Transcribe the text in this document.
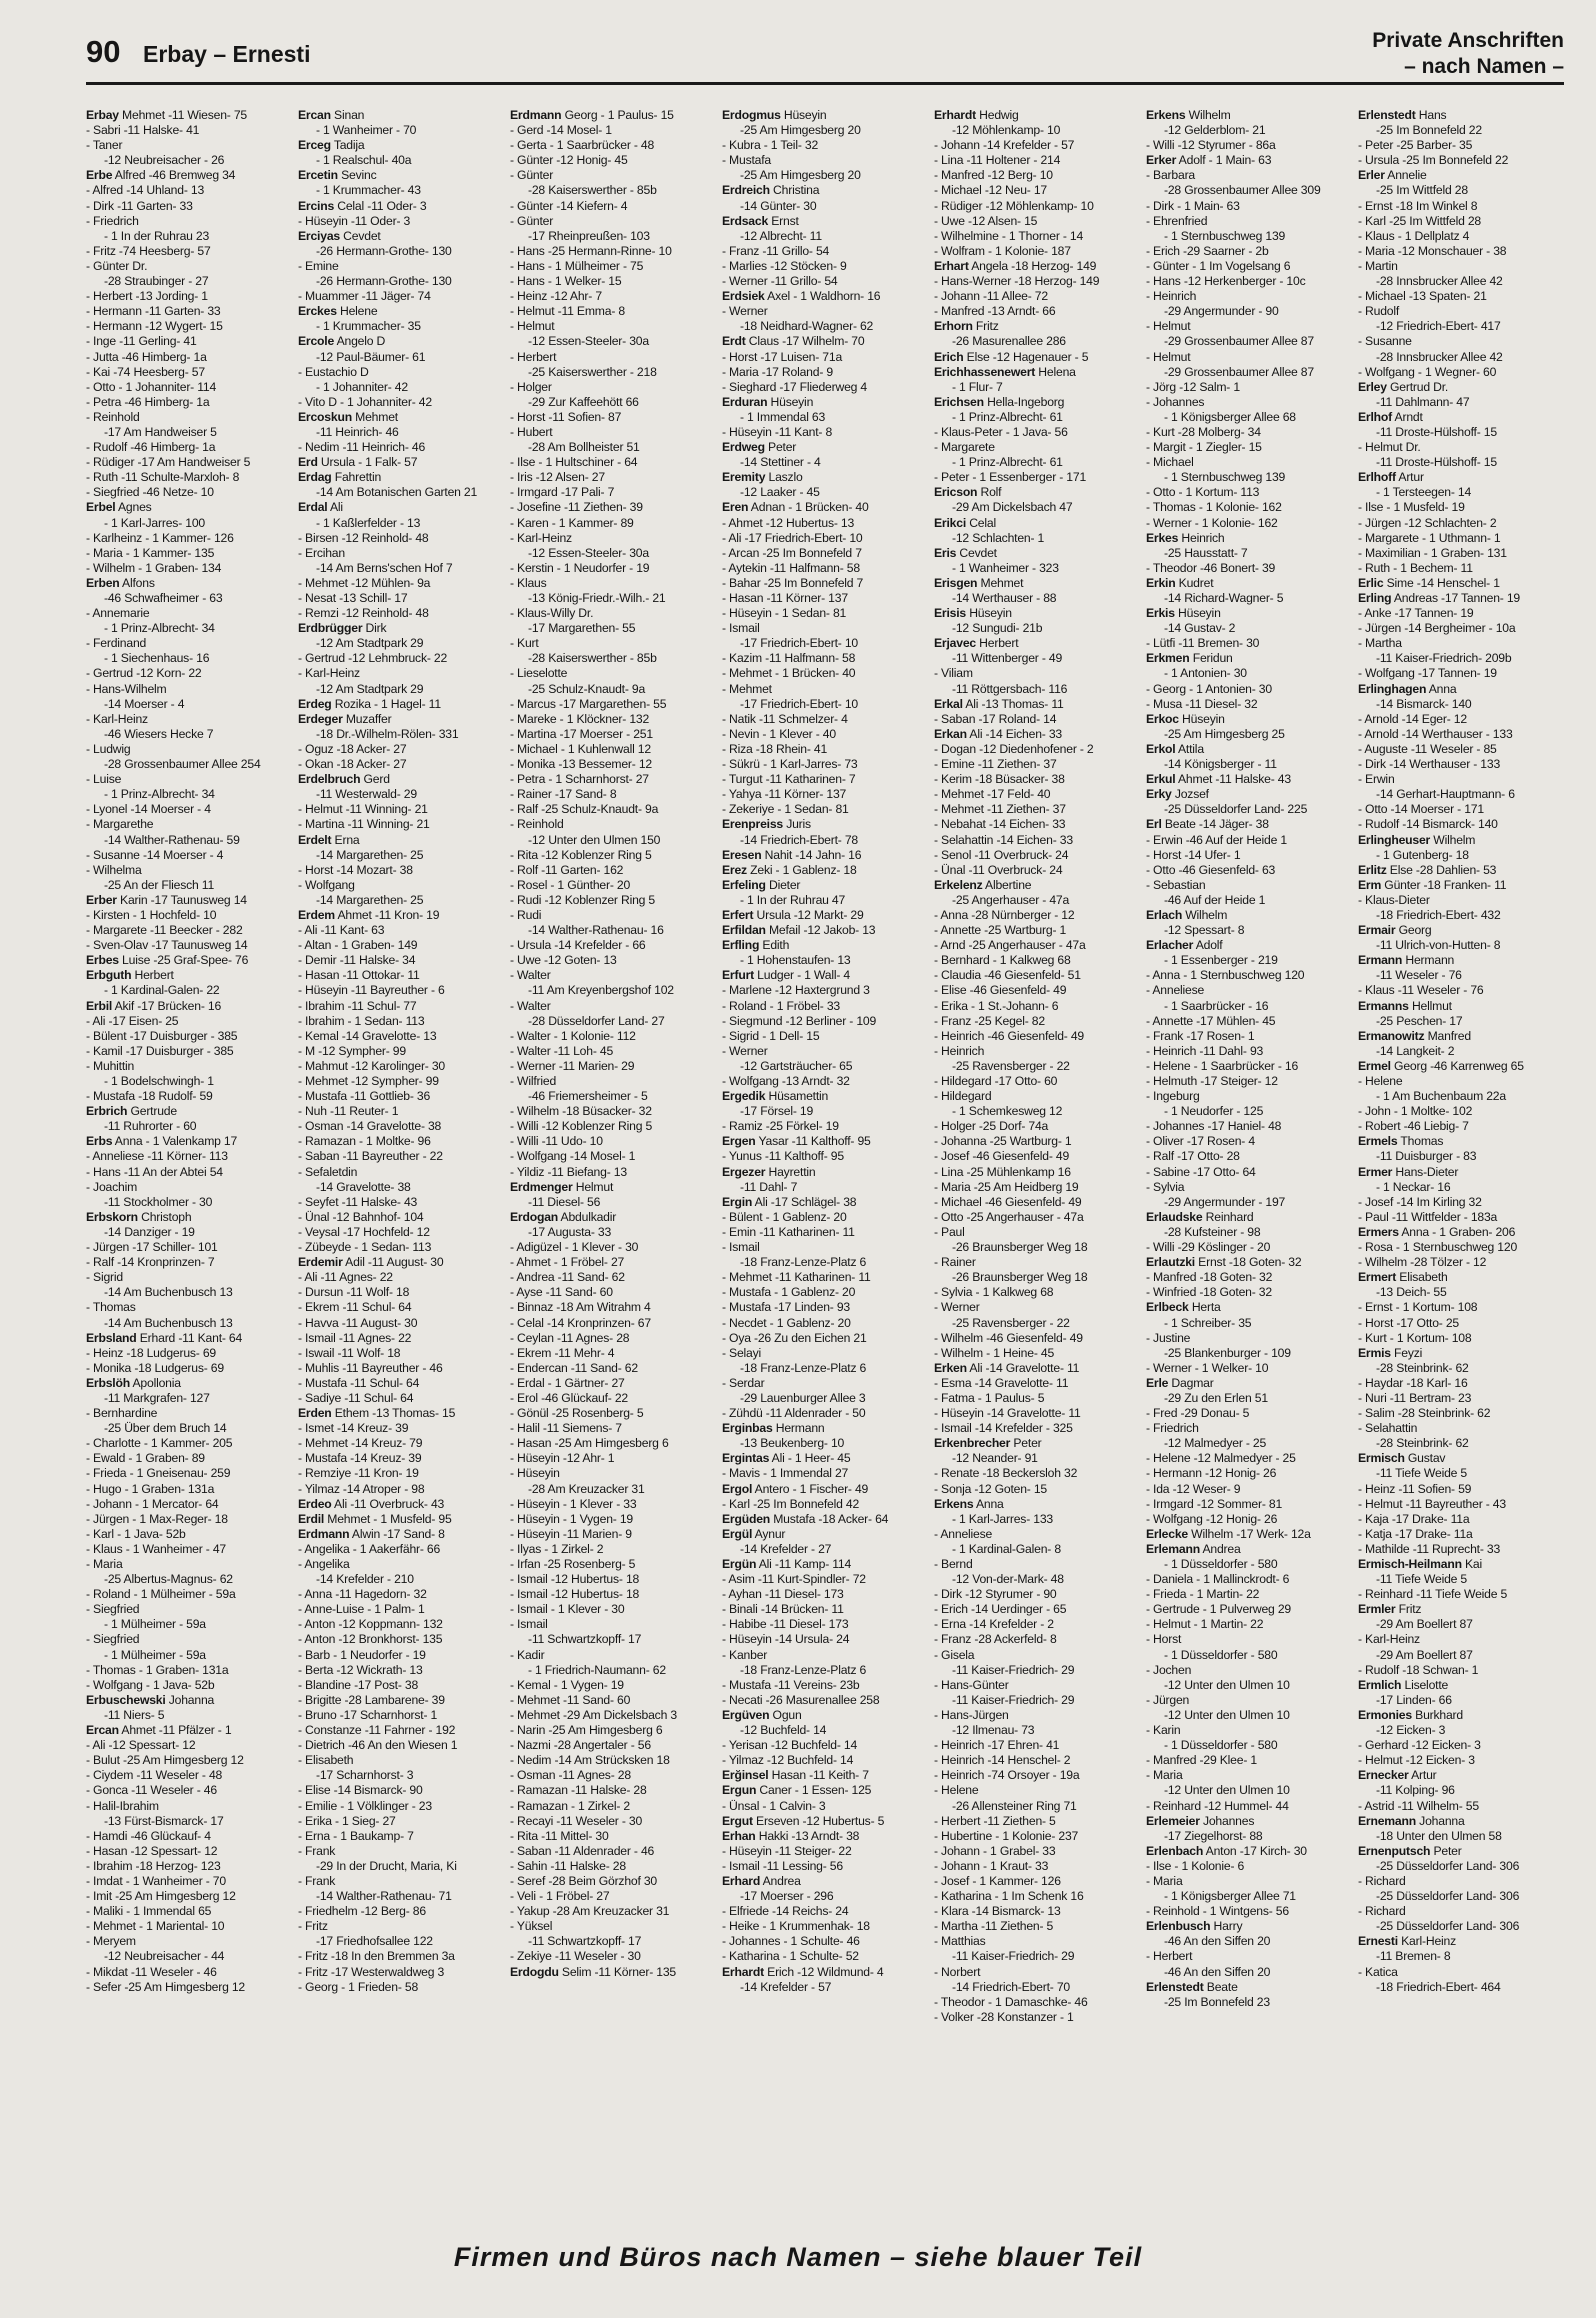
90 Erbay – Ernesti
Private Anschriften
– nach Namen –
Erbay Mehmet -11 Wiesen- 75
- Sabri -11 Halske- 41
- Taner
-12 Neubreisacher - 26
Erbe Alfred -46 Bremweg 34
- Alfred -14 Uhland- 13
- Dirk -11 Garten- 33
- Friedrich
- 1 In der Ruhrau 23
- Fritz -74 Heesberg- 57
- Günter Dr.
-28 Straubinger - 27
- Herbert -13 Jording- 1
- Hermann -11 Garten- 33
- Hermann -12 Wygert- 15
- Inge -11 Gerling- 41
- Jutta -46 Himberg- 1a
- Kai -74 Heesberg- 57
- Otto - 1 Johanniter- 114
- Petra -46 Himberg- 1a
- Reinhold
-17 Am Handweiser 5
- Rudolf -46 Himberg- 1a
- Rüdiger -17 Am Handweiser 5
- Ruth -11 Schulte-Marxloh- 8
- Siegfried -46 Netze- 10
Erbel Agnes
- 1 Karl-Jarres- 100
- Karlheinz - 1 Kammer- 126
- Maria - 1 Kammer- 135
- Wilhelm - 1 Graben- 134
Erben Alfons
-46 Schwafheimer - 63
- Annemarie
- 1 Prinz-Albrecht- 34
- Ferdinand
- 1 Siechenhaus- 16
- Gertrud -12 Korn- 22
- Hans-Wilhelm
-14 Moerser - 4
- Karl-Heinz
-46 Wiesers Hecke 7
- Ludwig
-28 Grossenbaumer Allee 254
- Luise
- 1 Prinz-Albrecht- 34
- Lyonel -14 Moerser - 4
- Margarethe
-14 Walther-Rathenau- 59
- Susanne -14 Moerser - 4
- Wilhelma
-25 An der Fliesch 11
Erber Karin -17 Taunusweg 14
- Kirsten - 1 Hochfeld- 10
- Margarete -11 Beecker - 282
- Sven-Olav -17 Taunusweg 14
Erbes Luise -25 Graf-Spee- 76
Erbguth Herbert
- 1 Kardinal-Galen- 22
Erbil Akif -17 Brücken- 16
- Ali -17 Eisen- 25
- Bülent -17 Duisburger - 385
- Kamil -17 Duisburger - 385
- Muhittin
- 1 Bodelschwingh- 1
- Mustafa -18 Rudolf- 59
Erbrich Gertrude
-11 Ruhrorter - 60
Erbs Anna - 1 Valenkamp 17
- Anneliese -11 Körner- 113
- Hans -11 An der Abtei 54
- Joachim
-11 Stockholmer - 30
Erbskorn Christoph
-14 Danziger - 19
- Jürgen -17 Schiller- 101
- Ralf -14 Kronprinzen- 7
- Sigrid
-14 Am Buchenbusch 13
- Thomas
-14 Am Buchenbusch 13
Erbsland Erhard -11 Kant- 64
- Heinz -18 Ludgerus- 69
- Monika -18 Ludgerus- 69
Erbslöh Apollonia
-11 Markgrafen- 127
- Bernhardine
-25 Über dem Bruch 14
- Charlotte - 1 Kammer- 205
- Ewald - 1 Graben- 89
- Frieda - 1 Gneisenau- 259
- Hugo - 1 Graben- 131a
- Johann - 1 Mercator- 64
- Jürgen - 1 Max-Reger- 18
- Karl - 1 Java- 52b
- Klaus - 1 Wanheimer - 47
- Maria
-25 Albertus-Magnus- 62
- Roland - 1 Mülheimer - 59a
- Siegfried
- 1 Mülheimer - 59a
- Siegfried
- 1 Mülheimer - 59a
- Thomas - 1 Graben- 131a
- Wolfgang - 1 Java- 52b
Erbuschewski Johanna
-11 Niers- 5
Ercan Ahmet -11 Pfälzer - 1
- Ali -12 Spessart- 12
- Bulut -25 Am Himgesberg 12
- Ciydem -11 Weseler - 48
- Gonca -11 Weseler - 46
- Halil-Ibrahim
-13 Fürst-Bismarck- 17
- Hamdi -46 Glückauf- 4
- Hasan -12 Spessart- 12
- Ibrahim -18 Herzog- 123
- Imdat - 1 Wanheimer - 70
- Imit -25 Am Himgesberg 12
- Maliki - 1 Immendal 65
- Mehmet - 1 Mariental- 10
- Meryem
-12 Neubreisacher - 44
- Mikdat -11 Weseler - 46
- Sefer -25 Am Himgesberg 12
Ercan Sinan
- 1 Wanheimer - 70
Erceg Tadija
- 1 Realschul- 40a
Ercetin Sevinc
- 1 Krummacher- 43
Ercins Celal -11 Oder- 3
- Hüseyin -11 Oder- 3
Erciyas Cevdet
-26 Hermann-Grothe- 130
- Emine
-26 Hermann-Grothe- 130
- Muammer -11 Jäger- 74
Erckes Helene
- 1 Krummacher- 35
Ercole Angelo D
-12 Paul-Bäumer- 61
- Eustachio D
- 1 Johanniter- 42
- Vito D - 1 Johanniter- 42
Ercoskun Mehmet
-11 Heinrich- 46
- Nedim -11 Heinrich- 46
Erd Ursula - 1 Falk- 57
Erdag Fahrettin
-14 Am Botanischen Garten 21
Erdal Ali
- 1 Kaßlerfelder - 13
- Birsen -12 Reinhold- 48
- Ercihan
-14 Am Berns'schen Hof 7
- Mehmet -12 Mühlen- 9a
- Nesat -13 Schill- 17
- Remzi -12 Reinhold- 48
Erdbrügger Dirk
-12 Am Stadtpark 29
- Gertrud -12 Lehmbruck- 22
- Karl-Heinz
-12 Am Stadtpark 29
Erdeg Rozika - 1 Hagel- 11
Erdeger Muzaffer
-18 Dr.-Wilhelm-Rölen- 331
- Oguz -18 Acker- 27
- Okan -18 Acker- 27
Erdelbruch Gerd
-11 Westerwald- 29
- Helmut -11 Winning- 21
- Martina -11 Winning- 21
Erdelt Erna
-14 Margarethen- 25
- Horst -14 Mozart- 38
- Wolfgang
-14 Margarethen- 25
Erdem Ahmet -11 Kron- 19
- Ali -11 Kant- 63
- Altan - 1 Graben- 149
- Demir -11 Halske- 34
- Hasan -11 Ottokar- 11
- Hüseyin -11 Bayreuther - 6
- Ibrahim -11 Schul- 77
- Ibrahim - 1 Sedan- 113
- Kemal -14 Gravelotte- 13
- M -12 Sympher- 99
- Mahmut -12 Karolinger- 30
- Mehmet -12 Sympher- 99
- Mustafa -11 Gottlieb- 36
- Nuh -11 Reuter- 1
- Osman -14 Gravelotte- 38
- Ramazan - 1 Moltke- 96
- Saban -11 Bayreuther - 22
- Sefaletdin
-14 Gravelotte- 38
- Seyfet -11 Halske- 43
- Ünal -12 Bahnhof- 104
- Veysal -17 Hochfeld- 12
- Zübeyde - 1 Sedan- 113
Erdemir Adil -11 August- 30
- Ali -11 Agnes- 22
- Dursun -11 Wolf- 18
- Ekrem -11 Schul- 64
- Havva -11 August- 30
- Ismail -11 Agnes- 22
- Iswail -11 Wolf- 18
- Muhlis -11 Bayreuther - 46
- Mustafa -11 Schul- 64
- Sadiye -11 Schul- 64
Erden Ethem -13 Thomas- 15
- Ismet -14 Kreuz- 39
- Mehmet -14 Kreuz- 79
- Mustafa -14 Kreuz- 39
- Remziye -11 Kron- 19
- Yilmaz -14 Atroper - 98
Erdeo Ali -11 Overbruck- 43
Erdil Mehmet - 1 Musfeld- 95
Erdmann Alwin -17 Sand- 8
- Angelika - 1 Aakerfähr- 66
- Angelika
-14 Krefelder - 210
- Anna -11 Hagedorn- 32
- Anne-Luise - 1 Palm- 1
- Anton -12 Koppmann- 132
- Anton -12 Bronkhorst- 135
- Barb - 1 Neudorfer - 19
- Berta -12 Wickrath- 13
- Blandine -17 Post- 38
- Brigitte -28 Lambarene- 39
- Bruno -17 Scharnhorst- 1
- Constanze -11 Fahrner - 192
- Dietrich -46 An den Wiesen 1
- Elisabeth
-17 Scharnhorst- 3
- Elise -14 Bismarck- 90
- Emilie - 1 Völklinger - 23
- Erika - 1 Sieg- 27
- Erna - 1 Baukamp- 7
- Frank
-29 In der Drucht, Maria, Ki
- Frank
-14 Walther-Rathenau- 71
- Friedhelm -12 Berg- 86
- Fritz
-17 Friedhofsallee 122
- Fritz -18 In den Bremmen 3a
- Fritz -17 Westerwaldweg 3
- Georg - 1 Frieden- 58
Erdmann Georg - 1 Paulus- 15
- Gerd -14 Mosel- 1
- Gerta - 1 Saarbrücker - 48
- Günter -12 Honig- 45
- Günter
-28 Kaiserswerther - 85b
- Günter -14 Kiefern- 4
- Günter
-17 Rheinpreußen- 103
- Hans -25 Hermann-Rinne- 10
- Hans - 1 Mülheimer - 75
- Hans - 1 Welker- 15
- Heinz -12 Ahr- 7
- Helmut -11 Emma- 8
- Helmut
-12 Essen-Steeler- 30a
- Herbert
-25 Kaiserswerther - 218
- Holger
-29 Zur Kaffeehött 66
- Horst -11 Sofien- 87
- Hubert
-28 Am Bollheister 51
- Ilse - 1 Hultschiner - 64
- Iris -12 Alsen- 27
- Irmgard -17 Pali- 7
- Josefine -11 Ziethen- 39
- Karen - 1 Kammer- 89
- Karl-Heinz
-12 Essen-Steeler- 30a
- Kerstin - 1 Neudorfer - 19
- Klaus
-13 König-Friedr.-Wilh.- 21
- Klaus-Willy Dr.
-17 Margarethen- 55
- Kurt
-28 Kaiserswerther - 85b
- Lieselotte
-25 Schulz-Knaudt- 9a
- Marcus -17 Margarethen- 55
- Mareke - 1 Klöckner- 132
- Martina -17 Moerser - 251
- Michael - 1 Kuhlenwall 12
- Monika -13 Bessemer- 12
- Petra - 1 Scharnhorst- 27
- Rainer -17 Sand- 8
- Ralf -25 Schulz-Knaudt- 9a
- Reinhold
-12 Unter den Ulmen 150
- Rita -12 Koblenzer Ring 5
- Rolf -11 Garten- 162
- Rosel - 1 Günther- 20
- Rudi -12 Koblenzer Ring 5
- Rudi
-14 Walther-Rathenau- 16
- Ursula -14 Krefelder - 66
- Uwe -12 Goten- 13
- Walter
-11 Am Kreyenbergshof 102
- Walter
-28 Düsseldorfer Land- 27
- Walter - 1 Kolonie- 112
- Walter -11 Loh- 45
- Werner -11 Marien- 29
- Wilfried
-46 Friemersheimer - 5
- Wilhelm -18 Büsacker- 32
- Willi -12 Koblenzer Ring 5
- Willi -11 Udo- 10
- Wolfgang -14 Mosel- 1
- Yildiz -11 Biefang- 13
Erdmenger Helmut
-11 Diesel- 56
Erdogan Abdulkadir
-17 Augusta- 33
- Adigüzel - 1 Klever - 30
- Ahmet - 1 Fröbel- 27
- Andrea -11 Sand- 62
- Ayse -11 Sand- 60
- Binnaz -18 Am Witrahm 4
- Celal -14 Kronprinzen- 67
- Ceylan -11 Agnes- 28
- Ekrem -11 Mehr- 4
- Endercan -11 Sand- 62
- Erdal - 1 Gärtner- 27
- Erol -46 Glückauf- 22
- Gönül -25 Rosenberg- 5
- Halil -11 Siemens- 7
- Hasan -25 Am Himgesberg 6
- Hüseyin -12 Ahr- 1
- Hüseyin
-28 Am Kreuzacker 31
- Hüseyin - 1 Klever - 33
- Hüseyin - 1 Vygen- 19
- Hüseyin -11 Marien- 9
- Ilyas - 1 Zirkel- 2
- Irfan -25 Rosenberg- 5
- Ismail -12 Hubertus- 18
- Ismail -12 Hubertus- 18
- Ismail - 1 Klever - 30
- Ismail
-11 Schwartzkopff- 17
- Kadir
- 1 Friedrich-Naumann- 62
- Kemal - 1 Vygen- 19
- Mehmet -11 Sand- 60
- Mehmet -29 Am Dickelsbach 3
- Narin -25 Am Himgesberg 6
- Nazmi -28 Angertaler - 56
- Nedim -14 Am Strücksken 18
- Osman -11 Agnes- 28
- Ramazan -11 Halske- 28
- Ramazan - 1 Zirkel- 2
- Recayi -11 Weseler - 30
- Rita -11 Mittel- 30
- Saban -11 Aldenrader - 46
- Sahin -11 Halske- 28
- Seref -28 Beim Görzhof 30
- Veli - 1 Fröbel- 27
- Yakup -28 Am Kreuzacker 31
- Yüksel
-11 Schwartzkopff- 17
- Zekiye -11 Weseler - 30
Erdogdu Selim -11 Körner- 135
Erdogmus Hüseyin
-25 Am Himgesberg 20
- Kubra - 1 Teil- 32
- Mustafa
-25 Am Himgesberg 20
Erdreich Christina
-14 Günter- 30
Erdsack Ernst
-12 Albrecht- 11
- Franz -11 Grillo- 54
- Marlies -12 Stöcken- 9
- Werner -11 Grillo- 54
Erdsiek Axel - 1 Waldhorn- 16
- Werner
-18 Neidhard-Wagner- 62
Erdt Claus -17 Wilhelm- 70
- Horst -17 Luisen- 71a
- Maria -17 Roland- 9
- Sieghard -17 Fliederweg 4
Erduran Hüseyin
- 1 Immendal 63
- Hüseyin -11 Kant- 8
Erdweg Peter
-14 Stettiner - 4
Eremity Laszlo
-12 Laaker - 45
Eren Adnan - 1 Brücken- 40
- Ahmet -12 Hubertus- 13
- Ali -17 Friedrich-Ebert- 10
- Arcan -25 Im Bonnefeld 7
- Aytekin -11 Halfmann- 58
- Bahar -25 Im Bonnefeld 7
- Hasan -11 Körner- 137
- Hüseyin - 1 Sedan- 81
- Ismail
-17 Friedrich-Ebert- 10
- Kazim -11 Halfmann- 58
- Mehmet - 1 Brücken- 40
- Mehmet
-17 Friedrich-Ebert- 10
- Natik -11 Schmelzer- 4
- Nevin - 1 Klever - 40
- Riza -18 Rhein- 41
- Sükrü - 1 Karl-Jarres- 73
- Turgut -11 Katharinen- 7
- Yahya -11 Körner- 137
- Zekeriye - 1 Sedan- 81
Erenpreiss Juris
-14 Friedrich-Ebert- 78
Eresen Nahit -14 Jahn- 16
Erez Zeki - 1 Gablenz- 18
Erfeling Dieter
- 1 In der Ruhrau 47
Erfert Ursula -12 Markt- 29
Erfildan Mefail -12 Jakob- 13
Erfling Edith
- 1 Hohenstaufen- 13
Erfurt Ludger - 1 Wall- 4
- Marlene -12 Haxtergrund 3
- Roland - 1 Fröbel- 33
- Siegmund -12 Berliner - 109
- Sigrid - 1 Dell- 15
- Werner
-12 Gartsträucher- 65
- Wolfgang -13 Arndt- 32
Ergedik Hüsamettin
-17 Försel- 19
- Ramiz -25 Förkel- 19
Ergen Yasar -11 Kalthoff- 95
- Yunus -11 Kalthoff- 95
Ergezer Hayrettin
-11 Dahl- 7
Ergin Ali -17 Schlägel- 38
- Bülent - 1 Gablenz- 20
- Emin -11 Katharinen- 11
- Ismail
-18 Franz-Lenze-Platz 6
- Mehmet -11 Katharinen- 11
- Mustafa - 1 Gablenz- 20
- Mustafa -17 Linden- 93
- Necdet - 1 Gablenz- 20
- Oya -26 Zu den Eichen 21
- Selayi
-18 Franz-Lenze-Platz 6
- Serdar
-29 Lauenburger Allee 3
- Zühdü -11 Aldenrader - 50
Erginbas Hermann
-13 Beukenberg- 10
Ergintas Ali - 1 Heer- 45
- Mavis - 1 Immendal 27
Ergol Antero - 1 Fischer- 49
- Karl -25 Im Bonnefeld 42
Ergüden Mustafa -18 Acker- 64
Ergül Aynur
-14 Krefelder - 27
Ergün Ali -11 Kamp- 114
- Asim -11 Kurt-Spindler- 72
- Ayhan -11 Diesel- 173
- Binali -14 Brücken- 11
- Habibe -11 Diesel- 173
- Hüseyin -14 Ursula- 24
- Kanber
-18 Franz-Lenze-Platz 6
- Mustafa -11 Vereins- 23b
- Necati -26 Masurenallee 258
Ergüven Ogun
-12 Buchfeld- 14
- Yerisan -12 Buchfeld- 14
- Yilmaz -12 Buchfeld- 14
Erğinsel Hasan -11 Keith- 7
Ergun Caner - 1 Essen- 125
- Ünsal - 1 Calvin- 3
Ergut Erseven -12 Hubertus- 5
Erhan Hakki -13 Arndt- 38
- Hüseyin -11 Steiger- 22
- Ismail -11 Lessing- 56
Erhard Andrea
-17 Moerser - 296
- Elfriede -14 Reichs- 24
- Heike - 1 Krummenhak- 18
- Johannes - 1 Schulte- 46
- Katharina - 1 Schulte- 52
Erhardt Erich -12 Wildmund- 4
-14 Krefelder - 57
Erhardt Hedwig
-12 Möhlenkamp- 10
- Johann -14 Krefelder - 57
- Lina -11 Holtener - 214
- Manfred -12 Berg- 10
- Michael -12 Neu- 17
- Rüdiger -12 Möhlenkamp- 10
- Uwe -12 Alsen- 15
- Wilhelmine - 1 Thorner - 14
- Wolfram - 1 Kolonie- 187
Erhart Angela -18 Herzog- 149
- Hans-Werner -18 Herzog- 149
- Johann -11 Allee- 72
- Manfred -13 Arndt- 66
Erhorn Fritz
-26 Masurenallee 286
Erich Else -12 Hagenauer - 5
Erichhassenewert Helena
- 1 Flur- 7
Erichsen Hella-Ingeborg
- 1 Prinz-Albrecht- 61
- Klaus-Peter - 1 Java- 56
- Margarete
- 1 Prinz-Albrecht- 61
- Peter - 1 Essenberger - 171
Ericson Rolf
-29 Am Dickelsbach 47
Erikci Celal
-12 Schlachten- 1
Eris Cevdet
- 1 Wanheimer - 323
Erisgen Mehmet
-14 Werthauser - 88
Erisis Hüseyin
-12 Sungudi- 21b
Erjavec Herbert
-11 Wittenberger - 49
- Viliam
-11 Röttgersbach- 116
Erkal Ali -13 Thomas- 11
- Saban -17 Roland- 14
Erkan Ali -14 Eichen- 33
- Dogan -12 Diedenhofener - 2
- Emine -11 Ziethen- 37
- Kerim -18 Büsacker- 38
- Mehmet -17 Feld- 40
- Mehmet -11 Ziethen- 37
- Nebahat -14 Eichen- 33
- Selahattin -14 Eichen- 33
- Senol -11 Overbruck- 24
- Ünal -11 Overbruck- 24
Erkelenz Albertine
-25 Angerhauser - 47a
- Anna -28 Nürnberger - 12
- Annette -25 Wartburg- 1
- Arnd -25 Angerhauser - 47a
- Bernhard - 1 Kalkweg 68
- Claudia -46 Giesenfeld- 51
- Elise -46 Giesenfeld- 49
- Erika - 1 St.-Johann- 6
- Franz -25 Kegel- 82
- Heinrich -46 Giesenfeld- 49
- Heinrich
-25 Ravensberger - 22
- Hildegard -17 Otto- 60
- Hildegard
- 1 Schemkesweg 12
- Holger -25 Dorf- 74a
- Johanna -25 Wartburg- 1
- Josef -46 Giesenfeld- 49
- Lina -25 Mühlenkamp 16
- Maria -25 Am Heidberg 19
- Michael -46 Giesenfeld- 49
- Otto -25 Angerhauser - 47a
- Paul
-26 Braunsberger Weg 18
- Rainer
-26 Braunsberger Weg 18
- Sylvia - 1 Kalkweg 68
- Werner
-25 Ravensberger - 22
- Wilhelm -46 Giesenfeld- 49
- Wilhelm - 1 Heine- 45
Erken Ali -14 Gravelotte- 11
- Esma -14 Gravelotte- 11
- Fatma - 1 Paulus- 5
- Hüseyin -14 Gravelotte- 11
- Ismail -14 Krefelder - 325
Erkenbrecher Peter
-12 Neander- 91
- Renate -18 Beckersloh 32
- Sonja -12 Goten- 15
Erkens Anna
- 1 Karl-Jarres- 133
- Anneliese
- 1 Kardinal-Galen- 8
- Bernd
-12 Von-der-Mark- 48
- Dirk -12 Styrumer - 90
- Erich -14 Uerdinger - 65
- Erna -14 Krefelder - 2
- Franz -28 Ackerfeld- 8
- Gisela
-11 Kaiser-Friedrich- 29
- Hans-Günter
-11 Kaiser-Friedrich- 29
- Hans-Jürgen
-12 Ilmenau- 73
- Heinrich -17 Ehren- 41
- Heinrich -14 Henschel- 2
- Heinrich -74 Orsoyer - 19a
- Helene
-26 Allensteiner Ring 71
- Herbert -11 Ziethen- 5
- Hubertine - 1 Kolonie- 237
- Johann - 1 Grabel- 33
- Johann - 1 Kraut- 33
- Josef - 1 Kammer- 126
- Katharina - 1 Im Schenk 16
- Klara -14 Bismarck- 13
- Martha -11 Ziethen- 5
- Matthias
-11 Kaiser-Friedrich- 29
- Norbert
-14 Friedrich-Ebert- 70
- Theodor - 1 Damaschke- 46
- Volker -28 Konstanzer - 1
Erkens Wilhelm
-12 Gelderblom- 21
- Willi -12 Styrumer - 86a
Erker Adolf - 1 Main- 63
- Barbara
-28 Grossenbaumer Allee 309
- Dirk - 1 Main- 63
- Ehrenfried
- 1 Sternbuschweg 139
- Erich -29 Saarner - 2b
- Günter - 1 Im Vogelsang 6
- Hans -12 Herkenberger - 10c
- Heinrich
-29 Angermunder - 90
- Helmut
-29 Grossenbaumer Allee 87
- Helmut
-29 Grossenbaumer Allee 87
- Jörg -12 Salm- 1
- Johannes
- 1 Königsberger Allee 68
- Kurt -28 Molberg- 34
- Margit - 1 Ziegler- 15
- Michael
- 1 Sternbuschweg 139
- Otto - 1 Kortum- 113
- Thomas - 1 Kolonie- 162
- Werner - 1 Kolonie- 162
Erkes Heinrich
-25 Hausstatt- 7
- Theodor -46 Bonert- 39
Erkin Kudret
-14 Richard-Wagner- 5
Erkis Hüseyin
-14 Gustav- 2
- Lütfi -11 Bremen- 30
Erkmen Feridun
- 1 Antonien- 30
- Georg - 1 Antonien- 30
- Musa -11 Diesel- 32
Erkoc Hüseyin
-25 Am Himgesberg 25
Erkol Attila
-14 Königsberger - 11
Erkul Ahmet -11 Halske- 43
Erky Jozsef
-25 Düsseldorfer Land- 225
Erl Beate -14 Jäger- 38
- Erwin -46 Auf der Heide 1
- Horst -14 Ufer- 1
- Otto -46 Giesenfeld- 63
- Sebastian
-46 Auf der Heide 1
Erlach Wilhelm
-12 Spessart- 8
Erlacher Adolf
- 1 Essenberger - 219
- Anna - 1 Sternbuschweg 120
- Anneliese
- 1 Saarbrücker - 16
- Annette -17 Mühlen- 45
- Frank -17 Rosen- 1
- Heinrich -11 Dahl- 93
- Helene - 1 Saarbrücker - 16
- Helmuth -17 Steiger- 12
- Ingeburg
- 1 Neudorfer - 125
- Johannes -17 Haniel- 48
- Oliver -17 Rosen- 4
- Ralf -17 Otto- 28
- Sabine -17 Otto- 64
- Sylvia
-29 Angermunder - 197
Erlaudske Reinhard
-28 Kufsteiner - 98
- Willi -29 Köslinger - 20
Erlautzki Ernst -18 Goten- 32
- Manfred -18 Goten- 32
- Winfried -18 Goten- 32
Erlbeck Herta
- 1 Schreiber- 35
- Justine
-25 Blankenburger - 109
- Werner - 1 Welker- 10
Erle Dagmar
-29 Zu den Erlen 51
- Fred -29 Donau- 5
- Friedrich
-12 Malmedyer - 25
- Helene -12 Malmedyer - 25
- Hermann -12 Honig- 26
- Ida -12 Weser- 9
- Irmgard -12 Sommer- 81
- Wolfgang -12 Honig- 26
Erlecke Wilhelm -17 Werk- 12a
Erlemann Andrea
- 1 Düsseldorfer - 580
- Daniela - 1 Mallinckrodt- 6
- Frieda - 1 Martin- 22
- Gertrude - 1 Pulverweg 29
- Helmut - 1 Martin- 22
- Horst
- 1 Düsseldorfer - 580
- Jochen
-12 Unter den Ulmen 10
- Jürgen
-12 Unter den Ulmen 10
- Karin
- 1 Düsseldorfer - 580
- Manfred -29 Klee- 1
- Maria
-12 Unter den Ulmen 10
- Reinhard -12 Hummel- 44
Erlemeier Johannes
-17 Ziegelhorst- 88
Erlenbach Anton -17 Kirch- 30
- Ilse - 1 Kolonie- 6
- Maria
- 1 Königsberger Allee 71
- Reinhold - 1 Wintgens- 56
Erlenbusch Harry
-46 An den Siffen 20
- Herbert
-46 An den Siffen 20
Erlenstedt Beate
-25 Im Bonnefeld 23
Erlenstedt Hans
-25 Im Bonnefeld 22
- Peter -25 Barber- 35
- Ursula -25 Im Bonnefeld 22
Erler Annelie
-25 Im Wittfeld 28
- Ernst -18 Im Winkel 8
- Karl -25 Im Wittfeld 28
- Klaus - 1 Dellplatz 4
- Maria -12 Monschauer - 38
- Martin
-28 Innsbrucker Allee 42
- Michael -13 Spaten- 21
- Rudolf
-12 Friedrich-Ebert- 417
- Susanne
-28 Innsbrucker Allee 42
- Wolfgang - 1 Wegner- 60
Erley Gertrud Dr.
-11 Dahlmann- 47
Erlhof Arndt
-11 Droste-Hülshoff- 15
- Helmut Dr.
-11 Droste-Hülshoff- 15
Erlhoff Artur
- 1 Tersteegen- 14
- Ilse - 1 Musfeld- 19
- Jürgen -12 Schlachten- 2
- Margarete - 1 Uthmann- 1
- Maximilian - 1 Graben- 131
- Ruth - 1 Bechem- 11
Erlic Sime -14 Henschel- 1
Erling Andreas -17 Tannen- 19
- Anke -17 Tannen- 19
- Jürgen -14 Bergheimer - 10a
- Martha
-11 Kaiser-Friedrich- 209b
- Wolfgang -17 Tannen- 19
Erlinghagen Anna
-14 Bismarck- 140
- Arnold -14 Eger- 12
- Arnold -14 Werthauser - 133
- Auguste -11 Weseler - 85
- Dirk -14 Werthauser - 133
- Erwin
-14 Gerhart-Hauptmann- 6
- Otto -14 Moerser - 171
- Rudolf -14 Bismarck- 140
Erlingheuser Wilhelm
- 1 Gutenberg- 18
Erlitz Else -28 Dahlien- 53
Erm Günter -18 Franken- 11
- Klaus-Dieter
-18 Friedrich-Ebert- 432
Ermair Georg
-11 Ulrich-von-Hutten- 8
Ermann Hermann
-11 Weseler - 76
- Klaus -11 Weseler - 76
Ermanns Hellmut
-25 Peschen- 17
Ermanowitz Manfred
-14 Langkeit- 2
Ermel Georg -46 Karrenweg 65
- Helene
- 1 Am Buchenbaum 22a
- John - 1 Moltke- 102
- Robert -46 Liebig- 7
Ermels Thomas
-11 Duisburger - 83
Ermer Hans-Dieter
- 1 Neckar- 16
- Josef -14 Im Kirling 32
- Paul -11 Wittfelder - 183a
Ermers Anna - 1 Graben- 206
- Rosa - 1 Sternbuschweg 120
- Wilhelm -28 Tölzer - 12
Ermert Elisabeth
-13 Deich- 55
- Ernst - 1 Kortum- 108
- Horst -17 Otto- 25
- Kurt - 1 Kortum- 108
Ermis Feyzi
-28 Steinbrink- 62
- Haydar -18 Karl- 16
- Nuri -11 Bertram- 23
- Salim -28 Steinbrink- 62
- Selahattin
-28 Steinbrink- 62
Ermisch Gustav
-11 Tiefe Weide 5
- Heinz -11 Sofien- 59
- Helmut -11 Bayreuther - 43
- Kaja -17 Drake- 11a
- Katja -17 Drake- 11a
- Mathilde -11 Ruprecht- 33
Ermisch-Heilmann Kai
-11 Tiefe Weide 5
- Reinhard -11 Tiefe Weide 5
Ermler Fritz
-29 Am Boellert 87
- Karl-Heinz
-29 Am Boellert 87
- Rudolf -18 Schwan- 1
Ermlich Liselotte
-17 Linden- 66
Ermonies Burkhard
-12 Eicken- 3
- Gerhard -12 Eicken- 3
- Helmut -12 Eicken- 3
Ernecker Artur
-11 Kolping- 96
- Astrid -11 Wilhelm- 55
Ernemann Johanna
-18 Unter den Ulmen 58
Ernenputsch Peter
-25 Düsseldorfer Land- 306
- Richard
-25 Düsseldorfer Land- 306
- Richard
-25 Düsseldorfer Land- 306
Ernesti Karl-Heinz
-11 Bremen- 8
- Katica
-18 Friedrich-Ebert- 464
Firmen und Büros nach Namen – siehe blauer Teil
